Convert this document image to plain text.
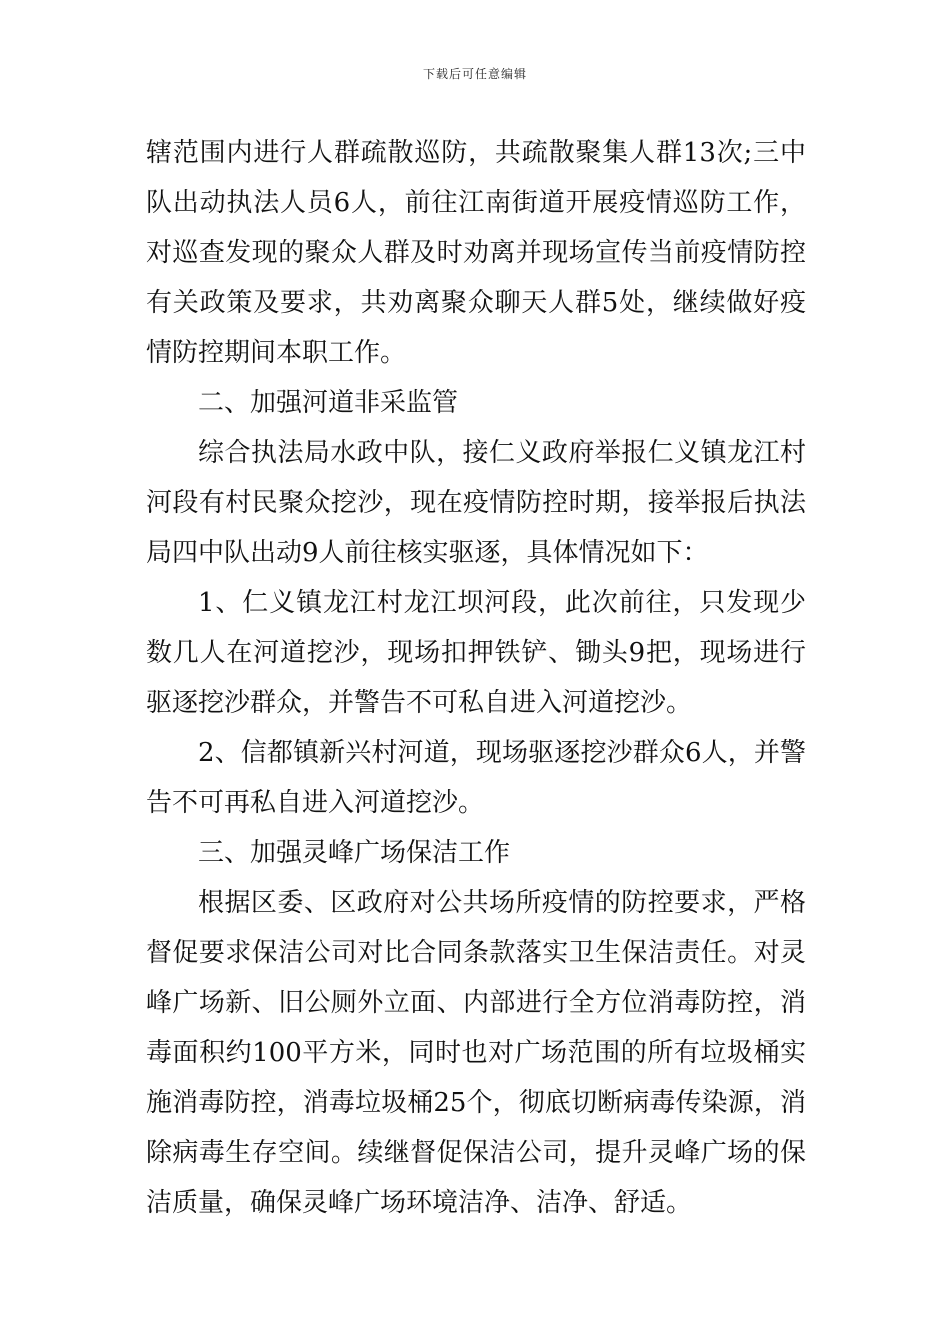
下载后可任意编辑

辖范围内进行人群疏散巡防，共疏散聚集人群13次;三中队出动执法人员6人，前往江南街道开展疫情巡防工作，对巡查发现的聚众人群及时劝离并现场宣传当前疫情防控有关政策及要求，共劝离聚众聊天人群5处，继续做好疫情防控期间本职工作。

二、加强河道非采监管

综合执法局水政中队，接仁义政府举报仁义镇龙江村河段有村民聚众挖沙，现在疫情防控时期，接举报后执法局四中队出动9人前往核实驱逐，具体情况如下：

1、仁义镇龙江村龙江坝河段，此次前往，只发现少数几人在河道挖沙，现场扣押铁铲、锄头9把，现场进行驱逐挖沙群众，并警告不可私自进入河道挖沙。

2、信都镇新兴村河道，现场驱逐挖沙群众6人，并警告不可再私自进入河道挖沙。

三、加强灵峰广场保洁工作

根据区委、区政府对公共场所疫情的防控要求，严格督促要求保洁公司对比合同条款落实卫生保洁责任。对灵峰广场新、旧公厕外立面、内部进行全方位消毒防控，消毒面积约100平方米，同时也对广场范围的所有垃圾桶实施消毒防控，消毒垃圾桶25个，彻底切断病毒传染源，消除病毒生存空间。续继督促保洁公司，提升灵峰广场的保洁质量，确保灵峰广场环境洁净、洁净、舒适。
